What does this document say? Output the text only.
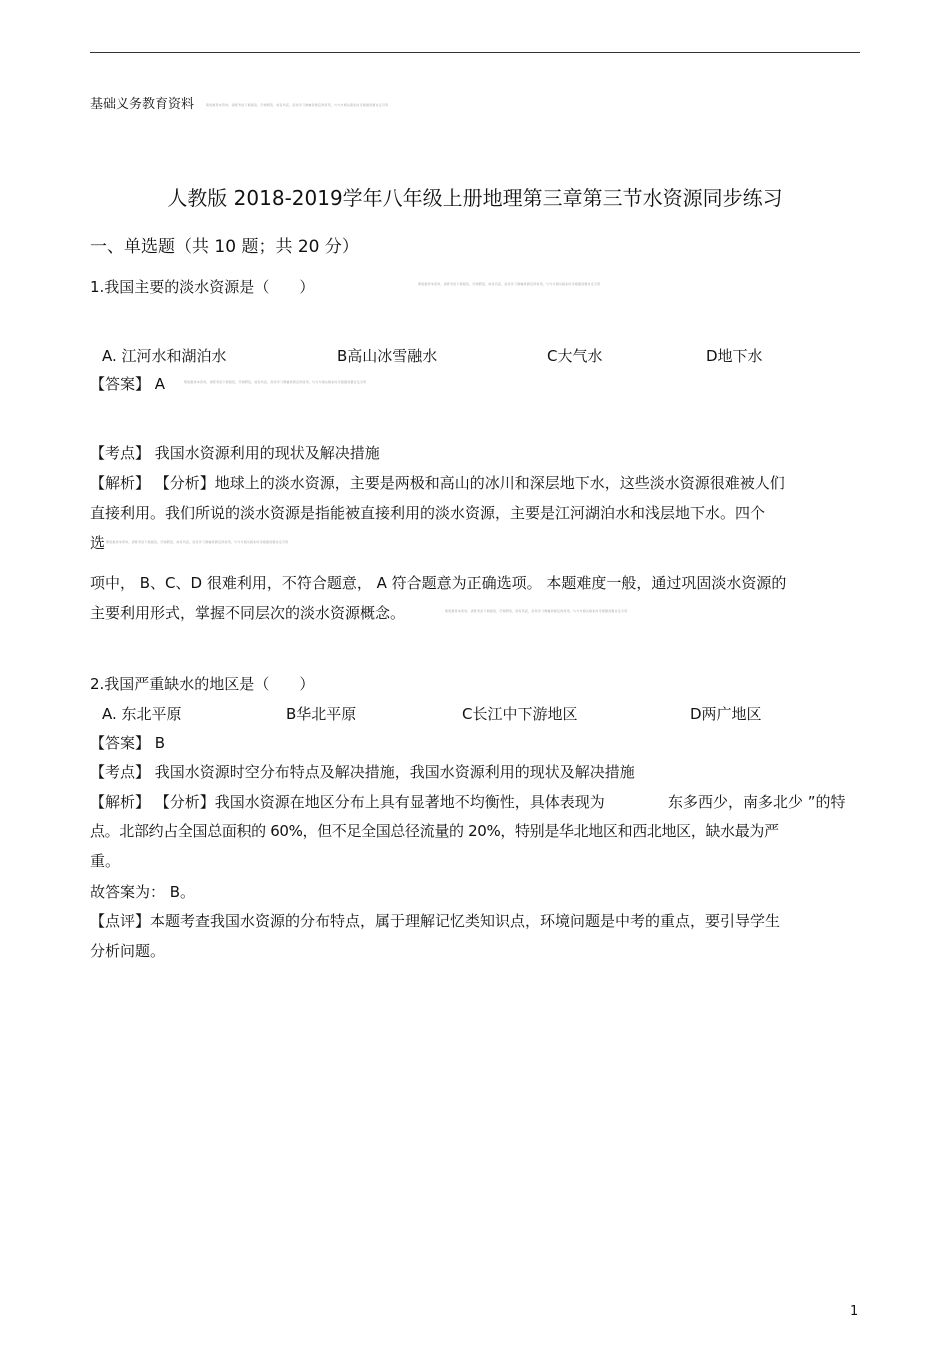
基础义务教育资料	简短推荐本资料，请您考虑下载阅读，仔细研读，如有所获，需持学习教辅资源后再使用，与与与相关联系时可根据需要自定引用
人教版 2018-2019学年八年级上册地理第三章第三节水资源同步练习
一、单选题（共 10 题；共 20 分）
1.我国主要的淡水资源是（　　）	简短推荐本资料，请您考虑下载阅读，仔细研读，如有所获，需持学习教辅资源后再使用，与与与相关联系时可根据需要自定引用
A. 江河水和湖泊水	B高山冰雪融水	C大气水	D地下水
【答案】 A	简短推荐本资料，请您考虑下载阅读，仔细研读，如有所获，需持学习教辅资源后再使用，与与与相关联系时可根据需要自定引用
【考点】 我国水资源利用的现状及解决措施
【解析】 【分析】地球上的淡水资源，主要是两极和高山的冰川和深层地下水，这些淡水资源很难被人们
直接利用。我们所说的淡水资源是指能被直接利用的淡水资源，主要是江河湖泊水和浅层地下水。四个
选 简短推荐本资料，请您考虑下载阅读，仔细研读，如有所获，需持学习教辅资源后再使用，与与与相关联系时可根据需要自定引用
项中， B、C、D 很难利用，不符合题意， A 符合题意为正确选项。 本题难度一般，通过巩固淡水资源的
主要利用形式，掌握不同层次的淡水资源概念。	简短推荐本资料，请您考虑下载阅读，仔细研读，如有所获，需持学习教辅资源后再使用，与与与相关联系时可根据需要自定引用
2.我国严重缺水的地区是（　　）
A. 东北平原	B华北平原	C长江中下游地区	D两广地区
【答案】 B
【考点】 我国水资源时空分布特点及解决措施，我国水资源利用的现状及解决措施
【解析】 【分析】我国水资源在地区分布上具有显著地不均衡性，具体表现为	东多西少，南多北少 ”的特
点。北部约占全国总面积的 60%，但不足全国总径流量的 20%，特别是华北地区和西北地区，缺水最为严
重。
故答案为： B。
【点评】本题考查我国水资源的分布特点，属于理解记忆类知识点，环境问题是中考的重点，要引导学生
分析问题。
1
